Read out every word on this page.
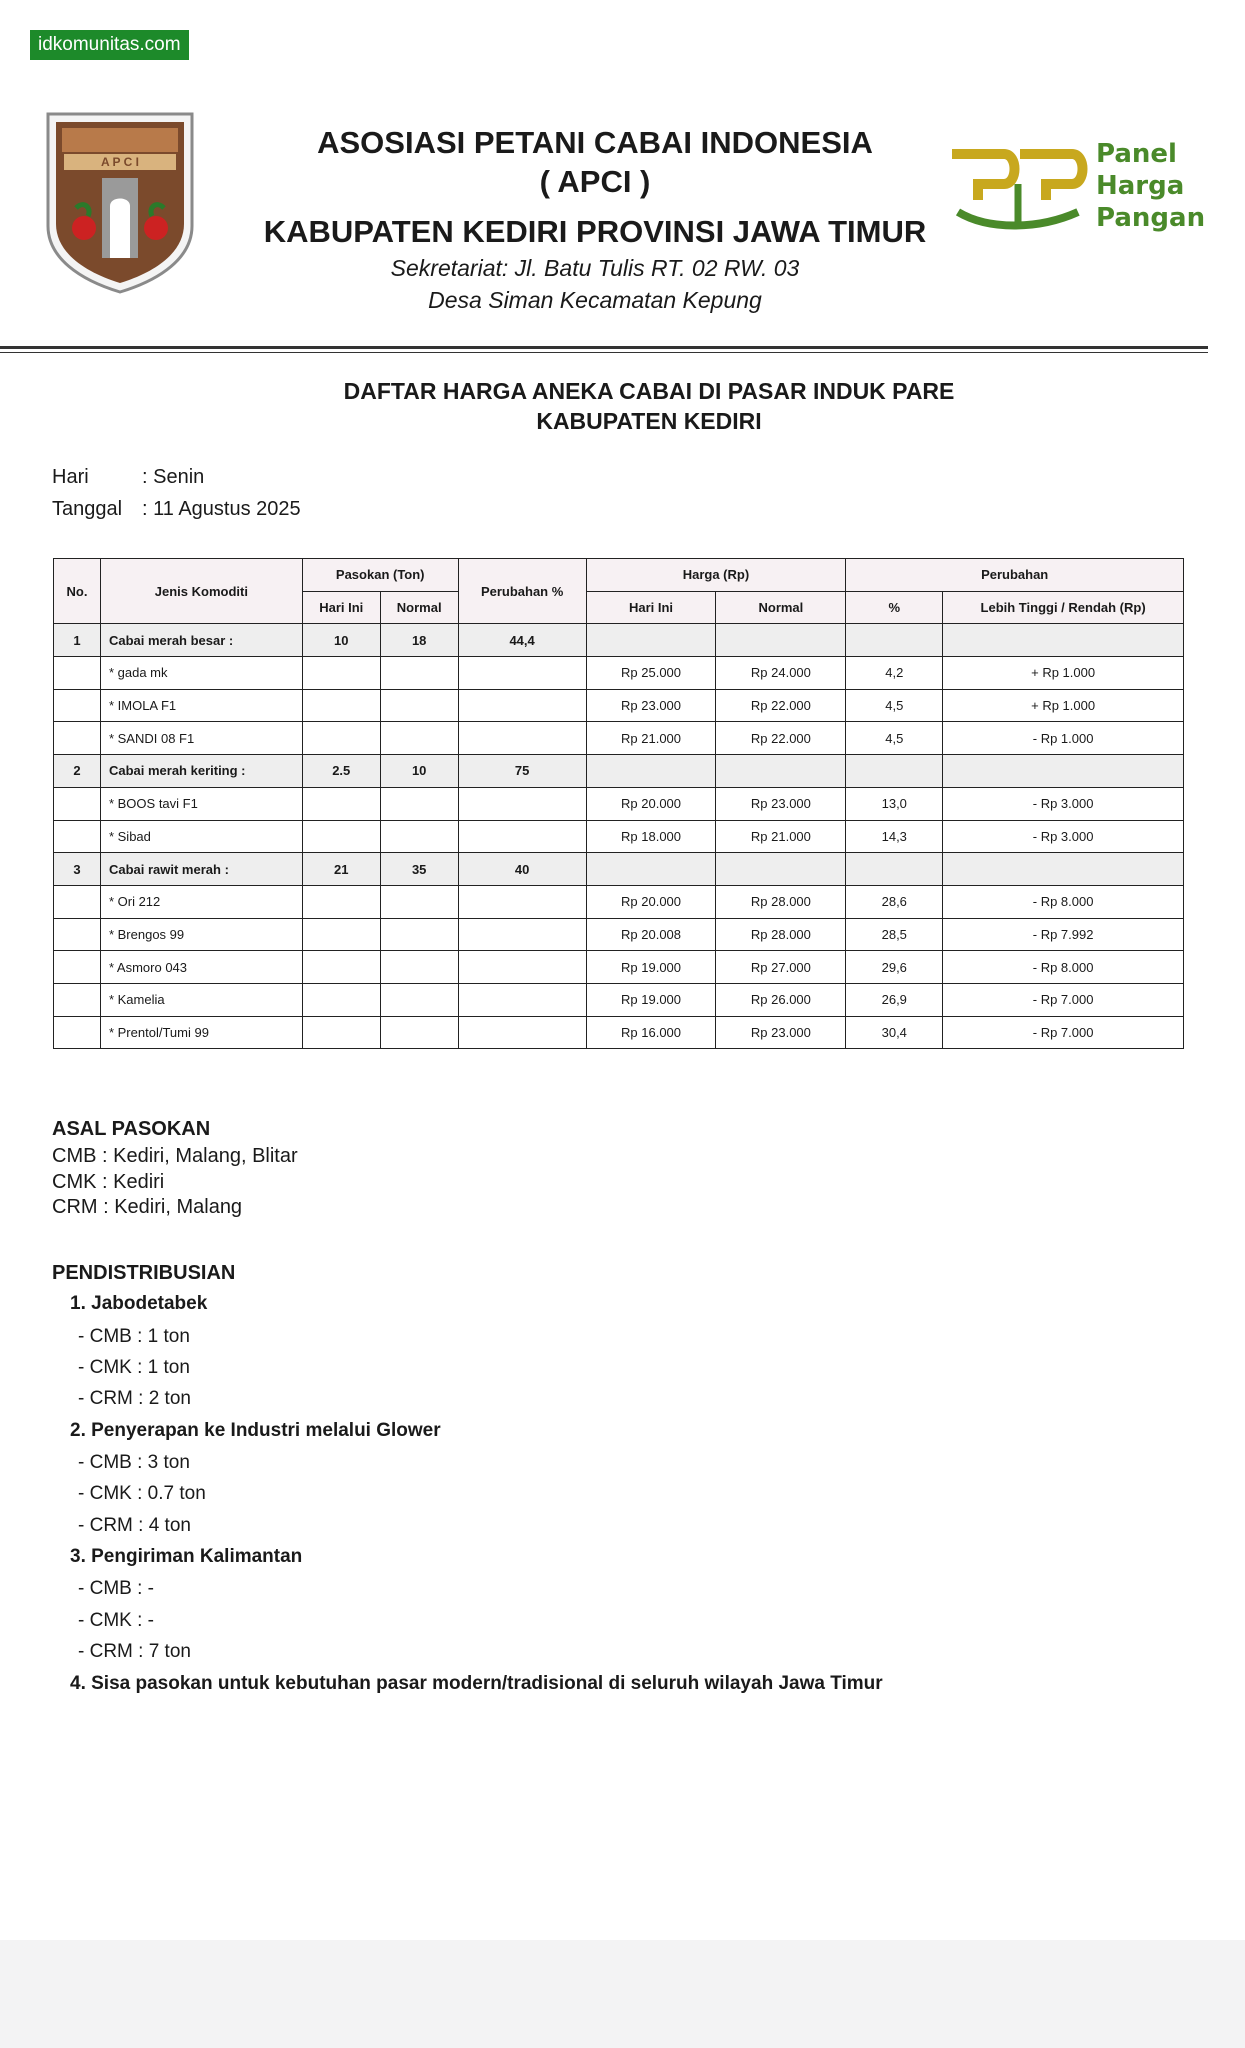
idkomunitas.com
A P C I
ASOSIASI PETANI CABAI INDONESIA
( APCI )
KABUPATEN KEDIRI PROVINSI JAWA TIMUR
Sekretariat: Jl. Batu Tulis RT. 02 RW. 03
Desa Siman Kecamatan Kepung
Panel
Harga
Pangan
DAFTAR HARGA ANEKA CABAI DI PASAR INDUK PARE
KABUPATEN KEDIRI
Hari	: Senin
Tanggal : 11 Agustus 2025
No.	Jenis Komoditi	Pasokan (Ton)		Perubahan %	Harga (Rp)		Perubahan	
		Hari Ini	Normal		Hari Ini	Normal	%	Lebih Tinggi / Rendah (Rp)
1	Cabai merah besar :	10	18	44,4				
	* gada mk				Rp 25.000	Rp 24.000	4,2	+ Rp 1.000
	* IMOLA F1				Rp 23.000	Rp 22.000	4,5	+ Rp 1.000
	* SANDI 08 F1				Rp 21.000	Rp 22.000	4,5	- Rp 1.000
2	Cabai merah keriting :	2.5	10	75				
	* BOOS tavi F1				Rp 20.000	Rp 23.000	13,0	- Rp 3.000
	* Sibad				Rp 18.000	Rp 21.000	14,3	- Rp 3.000
3	Cabai rawit merah :	21	35	40				
	* Ori 212				Rp 20.000	Rp 28.000	28,6	- Rp 8.000
	* Brengos 99				Rp 20.008	Rp 28.000	28,5	- Rp 7.992
	* Asmoro 043				Rp 19.000	Rp 27.000	29,6	- Rp 8.000
	* Kamelia				Rp 19.000	Rp 26.000	26,9	- Rp 7.000
	* Prentol/Tumi 99				Rp 16.000	Rp 23.000	30,4	- Rp 7.000
ASAL PASOKAN
CMB : Kediri, Malang, Blitar
CMK : Kediri
CRM : Kediri, Malang
PENDISTRIBUSIAN
1. Jabodetabek
- CMB : 1 ton
- CMK : 1 ton
- CRM : 2 ton
2. Penyerapan ke Industri melalui Glower
- CMB : 3 ton
- CMK : 0.7 ton
- CRM : 4 ton
3. Pengiriman Kalimantan
- CMB : -
- CMK : -
- CRM : 7 ton
4. Sisa pasokan untuk kebutuhan pasar modern/tradisional di seluruh wilayah Jawa Timur
